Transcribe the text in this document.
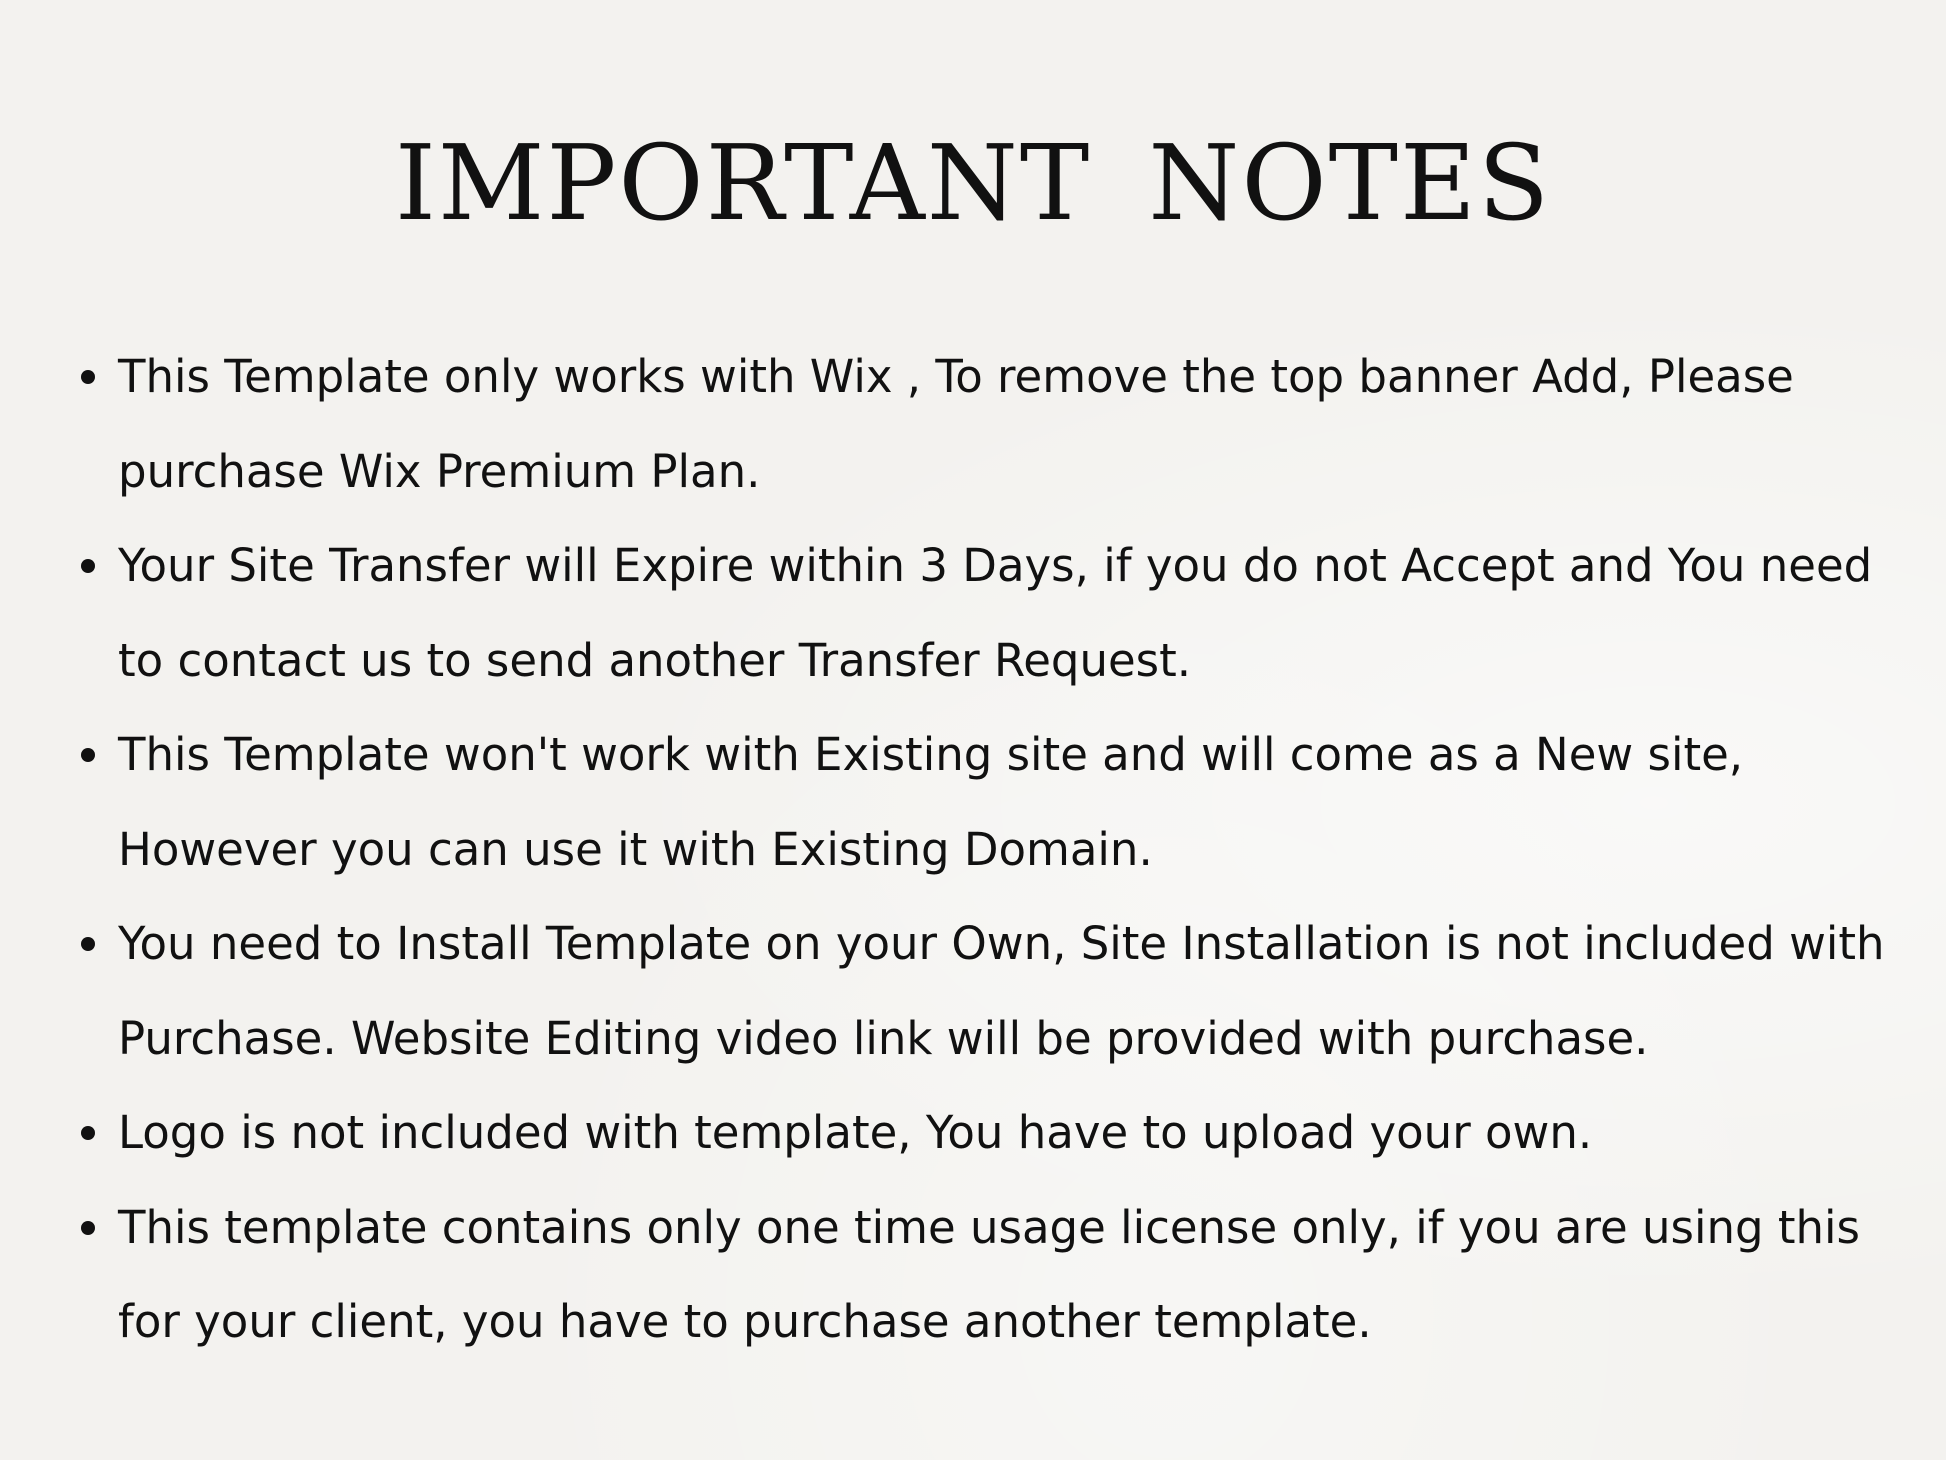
IMPORTANT NOTES
This Template only works with Wix , To remove the top banner Add, Please purchase Wix Premium Plan.
Your Site Transfer will Expire within 3 Days, if you do not Accept and You need to contact us to send another Transfer Request.
This Template won't work with Existing site and will come as a New site, However you can use it with Existing Domain.
You need to Install Template on your Own, Site Installation is not included with Purchase. Website Editing video link will be provided with purchase.
Logo is not included with template, You have to upload your own.
This template contains only one time usage license only, if you are using this for your client, you have to purchase another template.
